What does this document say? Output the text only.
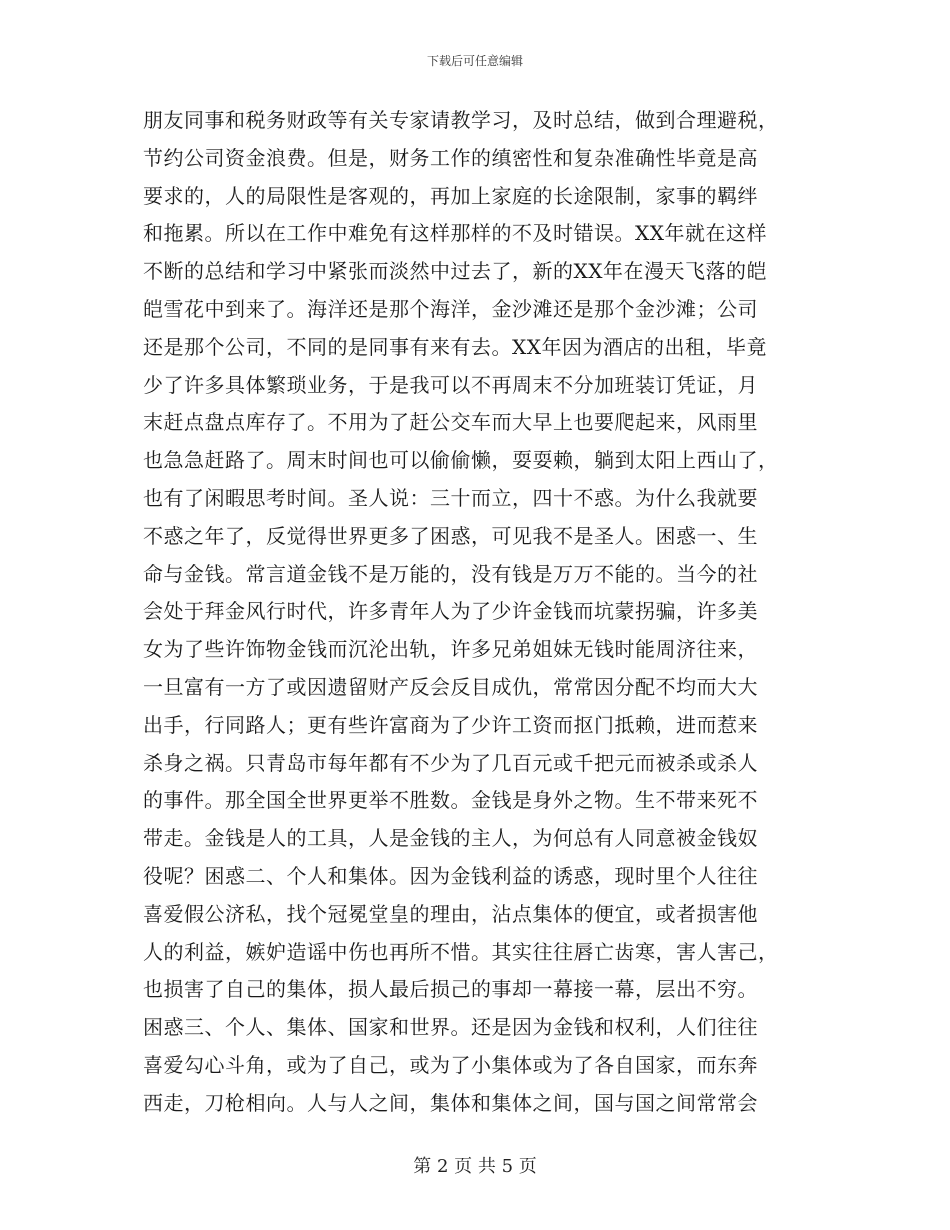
下载后可任意编辑
朋友同事和税务财政等有关专家请教学习，及时总结，做到合理避税，
节约公司资金浪费。但是，财务工作的缜密性和复杂准确性毕竟是高
要求的，人的局限性是客观的，再加上家庭的长途限制，家事的羁绊
和拖累。所以在工作中难免有这样那样的不及时错误。XX年就在这样
不断的总结和学习中紧张而淡然中过去了，新的XX年在漫天飞落的皑
皑雪花中到来了。海洋还是那个海洋，金沙滩还是那个金沙滩；公司
还是那个公司，不同的是同事有来有去。XX年因为酒店的出租，毕竟
少了许多具体繁琐业务，于是我可以不再周末不分加班装订凭证，月
末赶点盘点库存了。不用为了赶公交车而大早上也要爬起来，风雨里
也急急赶路了。周末时间也可以偷偷懒，耍耍赖，躺到太阳上西山了，
也有了闲暇思考时间。圣人说：三十而立，四十不惑。为什么我就要
不惑之年了，反觉得世界更多了困惑，可见我不是圣人。困惑一、生
命与金钱。常言道金钱不是万能的，没有钱是万万不能的。当今的社
会处于拜金风行时代，许多青年人为了少许金钱而坑蒙拐骗，许多美
女为了些许饰物金钱而沉沦出轨，许多兄弟姐妹无钱时能周济往来，
一旦富有一方了或因遗留财产反会反目成仇，常常因分配不均而大大
出手，行同路人；更有些许富商为了少许工资而抠门抵赖，进而惹来
杀身之祸。只青岛市每年都有不少为了几百元或千把元而被杀或杀人
的事件。那全国全世界更举不胜数。金钱是身外之物。生不带来死不
带走。金钱是人的工具，人是金钱的主人，为何总有人同意被金钱奴
役呢？困惑二、个人和集体。因为金钱利益的诱惑，现时里个人往往
喜爱假公济私，找个冠冕堂皇的理由，沾点集体的便宜，或者损害他
人的利益，嫉妒造谣中伤也再所不惜。其实往往唇亡齿寒，害人害己，
也损害了自己的集体，损人最后损己的事却一幕接一幕，层出不穷。
困惑三、个人、集体、国家和世界。还是因为金钱和权利，人们往往
喜爱勾心斗角，或为了自己，或为了小集体或为了各自国家，而东奔
西走，刀枪相向。人与人之间，集体和集体之间，国与国之间常常会
第 2 页 共 5 页
